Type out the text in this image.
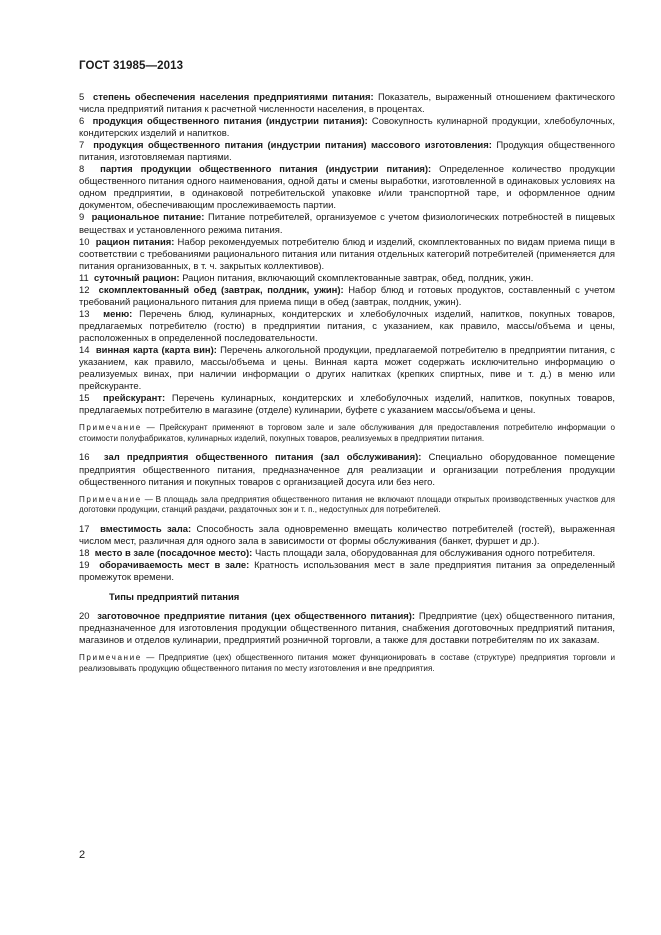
ГОСТ 31985—2013

5 степень обеспечения населения предприятиями питания: Показатель, выраженный отношением фактического числа предприятий питания к расчетной численности населения, в процентах.

6 продукция общественного питания (индустрии питания): Совокупность кулинарной продукции, хлебобулочных, кондитерских изделий и напитков.

7 продукция общественного питания (индустрии питания) массового изготовления: Продукция общественного питания, изготовляемая партиями.

8 партия продукции общественного питания (индустрии питания): Определенное количество продукции общественного питания одного наименования, одной даты и смены выработки, изготовленной в одинаковых условиях на одном предприятии, в одинаковой потребительской упаковке и/или транспортной таре, и оформленное одним документом, обеспечивающим прослеживаемость партии.

9 рациональное питание: Питание потребителей, организуемое с учетом физиологических потребностей в пищевых веществах и установленного режима питания.

10 рацион питания: Набор рекомендуемых потребителю блюд и изделий, скомплектованных по видам приема пищи в соответствии с требованиями рационального питания или питания отдельных категорий потребителей (применяется для питания организованных, в т. ч. закрытых коллективов).

11 суточный рацион: Рацион питания, включающий скомплектованные завтрак, обед, полдник, ужин.

12 скомплектованный обед (завтрак, полдник, ужин): Набор блюд и готовых продуктов, составленный с учетом требований рационального питания для приема пищи в обед (завтрак, полдник, ужин).

13 меню: Перечень блюд, кулинарных, кондитерских и хлебобулочных изделий, напитков, покупных товаров, предлагаемых потребителю (гостю) в предприятии питания, с указанием, как правило, массы/объема и цены, расположенных в определенной последовательности.

14 винная карта (карта вин): Перечень алкогольной продукции, предлагаемой потребителю в предприятии питания, с указанием, как правило, массы/объема и цены. Винная карта может содержать исключительно информацию о реализуемых винах, при наличии информации о других напитках (крепких спиртных, пиве и т. д.) в меню или прейскуранте.

15 прейскурант: Перечень кулинарных, кондитерских и хлебобулочных изделий, напитков, покупных товаров, предлагаемых потребителю в магазине (отделе) кулинарии, буфете с указанием массы/объема и цены.

Примечание — Прейскурант применяют в торговом зале и зале обслуживания для предоставления потребителю информации о стоимости полуфабрикатов, кулинарных изделий, покупных товаров, реализуемых в предприятии питания.

16 зал предприятия общественного питания (зал обслуживания): Специально оборудованное помещение предприятия общественного питания, предназначенное для реализации и организации потребления продукции общественного питания и покупных товаров с организацией досуга или без него.

Примечание — В площадь зала предприятия общественного питания не включают площади открытых производственных участков для доготовки продукции, станций раздачи, раздаточных зон и т. п., недоступных для потребителей.

17 вместимость зала: Способность зала одновременно вмещать количество потребителей (гостей), выраженная числом мест, различная для одного зала в зависимости от формы обслуживания (банкет, фуршет и др.).

18 место в зале (посадочное место): Часть площади зала, оборудованная для обслуживания одного потребителя.

19 оборачиваемость мест в зале: Кратность использования мест в зале предприятия питания за определенный промежуток времени.

Типы предприятий питания

20 заготовочное предприятие питания (цех общественного питания): Предприятие (цех) общественного питания, предназначенное для изготовления продукции общественного питания, снабжения доготовочных предприятий питания, магазинов и отделов кулинарии, предприятий розничной торговли, а также для доставки потребителям по их заказам.

Примечание — Предприятие (цех) общественного питания может функционировать в составе (структуре) предприятия торговли и реализовывать продукцию общественного питания по месту изготовления и вне предприятия.

2
